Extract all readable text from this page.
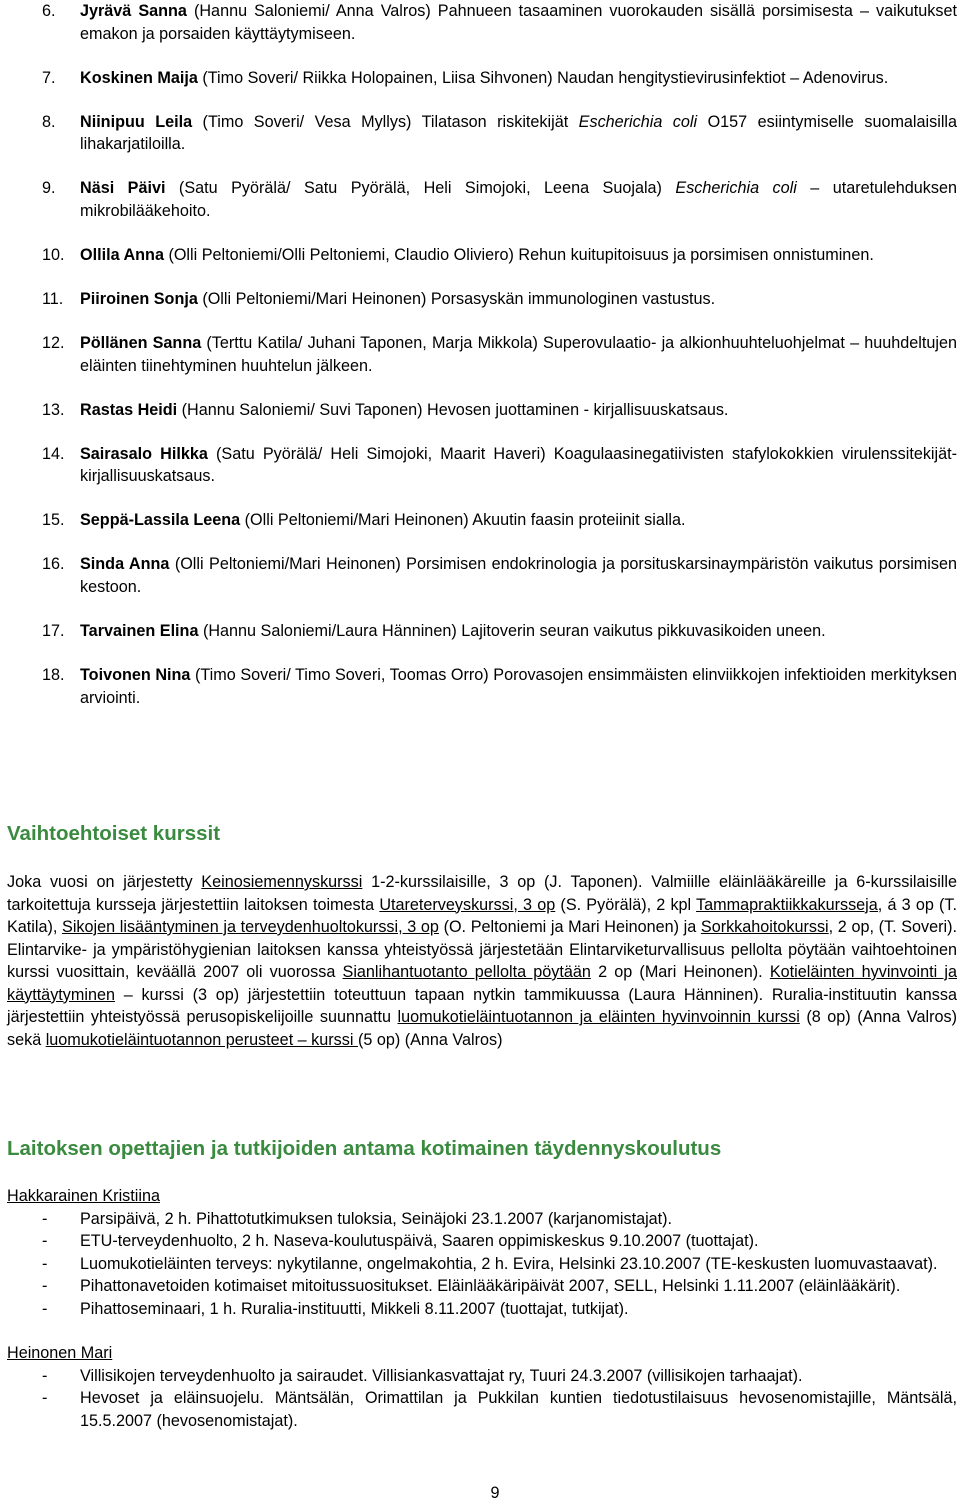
6. Jyrävä Sanna (Hannu Saloniemi/ Anna Valros) Pahnueen tasaaminen vuorokauden sisällä porsimisesta – vaikutukset emakon ja porsaiden käyttäytymiseen.
7. Koskinen Maija (Timo Soveri/ Riikka Holopainen, Liisa Sihvonen) Naudan hengitystievirusinfektiot – Adenovirus.
8. Niinipuu Leila (Timo Soveri/ Vesa Myllys) Tilatason riskitekijät Escherichia coli O157 esiintymiselle suomalaisilla lihakarjatiloilla.
9. Näsi Päivi (Satu Pyörälä/ Satu Pyörälä, Heli Simojoki, Leena Suojala) Escherichia coli – utaretulehduksen mikrobilääkehoito.
10. Ollila Anna (Olli Peltoniemi/Olli Peltoniemi, Claudio Oliviero) Rehun kuitupitoisuus ja porsimisen onnistuminen.
11. Piiroinen Sonja (Olli Peltoniemi/Mari Heinonen) Porsasyskän immunologinen vastustus.
12. Pöllänen Sanna (Terttu Katila/ Juhani Taponen, Marja Mikkola) Superovulaatio- ja alkionhuuhteluohjelmat – huuhdeltujen eläinten tiinehtyminen huuhtelun jälkeen.
13. Rastas Heidi (Hannu Saloniemi/ Suvi Taponen) Hevosen juottaminen - kirjallisuuskatsaus.
14. Sairasalo Hilkka (Satu Pyörälä/ Heli Simojoki, Maarit Haveri) Koagulaasinegatiivisten stafylokokkien virulenssitekijät-kirjallisuuskatsaus.
15. Seppä-Lassila Leena (Olli Peltoniemi/Mari Heinonen) Akuutin faasin proteiinit sialla.
16. Sinda Anna (Olli Peltoniemi/Mari Heinonen) Porsimisen endokrinologia ja porsituskarsinaympäristön vaikutus porsimisen kestoon.
17. Tarvainen Elina (Hannu Saloniemi/Laura Hänninen) Lajitoverin seuran vaikutus pikkuvasikoiden uneen.
18. Toivonen Nina (Timo Soveri/ Timo Soveri, Toomas Orro) Porovasojen ensimmäisten elinviikkojen infektioiden merkityksen arviointi.
Vaihtoehtoiset kurssit
Joka vuosi on järjestetty Keinosiemennyskurssi 1-2-kurssilaisille, 3 op (J. Taponen). Valmiille eläinlääkäreille ja 6-kurssilaisille tarkoitettuja kursseja järjestettiin laitoksen toimesta Utareterveyskurssi, 3 op (S. Pyörälä), 2 kpl Tammapraktiikkakursseja, á 3 op (T. Katila), Sikojen lisääntyminen ja terveydenhuoltokurssi, 3 op (O. Peltoniemi ja Mari Heinonen) ja Sorkkahoitokurssi, 2 op, (T. Soveri). Elintarvike- ja ympäristöhygienian laitoksen kanssa yhteistyössä järjestetään Elintarviketurvallisuus pellolta pöytään vaihtoehtoinen kurssi vuosittain, keväällä 2007 oli vuorossa Sianlihantuotanto pellolta pöytään 2 op (Mari Heinonen). Kotieläinten hyvinvointi ja käyttäytyminen – kurssi (3 op) järjestettiin toteuttuun tapaan nytkin tammikuussa (Laura Hänninen). Ruralia-instituutin kanssa järjestettiin yhteistyössä perusopiskelijoille suunnattu luomukotieläintuotannon ja eläinten hyvinvoinnin kurssi (8 op) (Anna Valros) sekä luomukotieläintuotannon perusteet – kurssi (5 op) (Anna Valros)
Laitoksen opettajien ja tutkijoiden antama kotimainen täydennyskoulutus

Hakkarainen Kristiina

- Parsipäivä, 2 h. Pihattotutkimuksen tuloksia, Seinäjoki 23.1.2007 (karjanomistajat).
- ETU-terveydenhuolto, 2 h. Naseva-koulutuspäivä, Saaren oppimiskeskus 9.10.2007 (tuottajat).
- Luomukotieläinten terveys: nykytilanne, ongelmakohtia, 2 h. Evira, Helsinki 23.10.2007 (TE-keskusten luomuvastaavat).
- Pihattonavetoiden kotimaiset mitoitussuositukset. Eläinlääkäripäivät 2007, SELL, Helsinki 1.11.2007 (eläinlääkärit).
- Pihattoseminaari, 1 h. Ruralia-instituutti, Mikkeli 8.11.2007 (tuottajat, tutkijat).

Heinonen Mari

- Villisikojen terveydenhuolto ja sairaudet. Villisiankasvattajat ry, Tuuri 24.3.2007 (villisikojen tarhaajat).
- Hevoset ja eläinsuojelu. Mäntsälän, Orimattilan ja Pukkilan kuntien tiedotustilaisuus hevosenomistajille, Mäntsälä, 15.5.2007 (hevosenomistajat).
9
